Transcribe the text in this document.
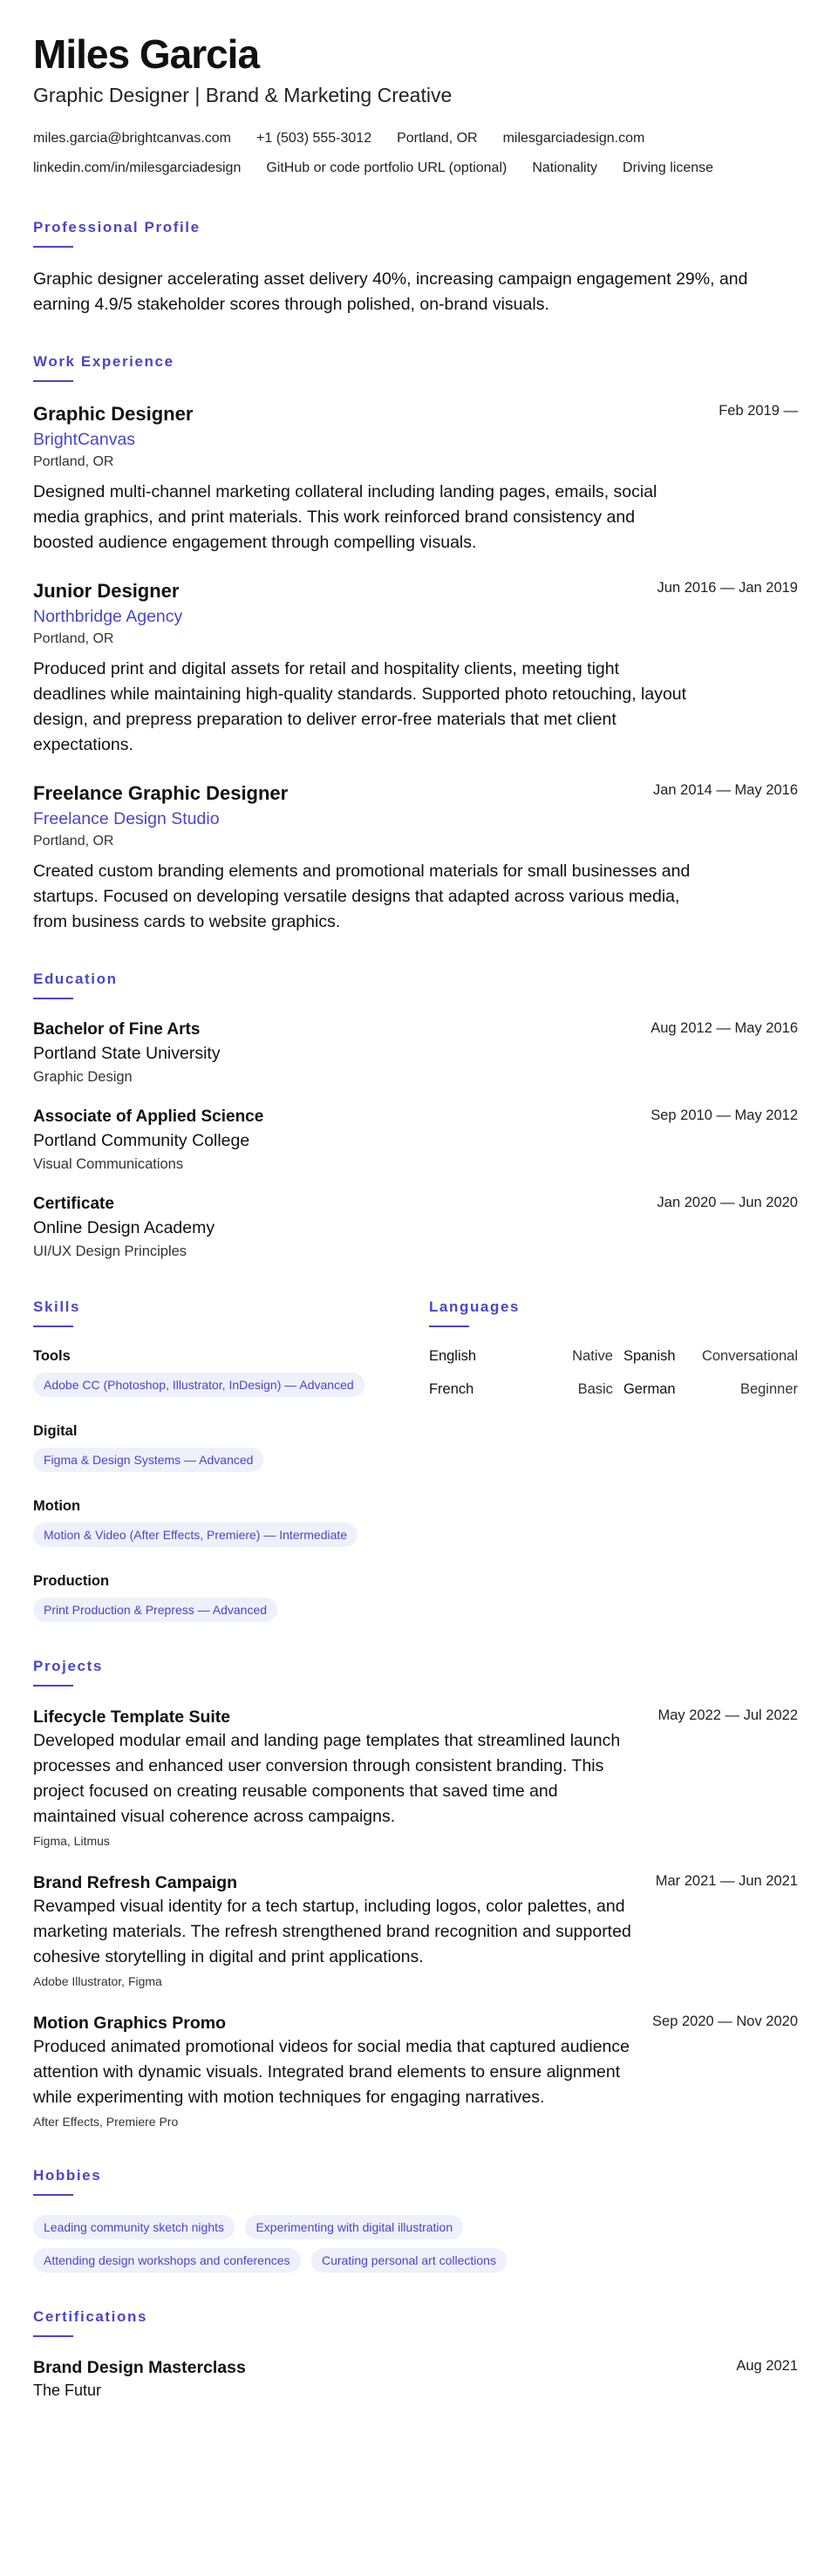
Miles Garcia
Graphic Designer | Brand & Marketing Creative
miles.garcia@brightcanvas.com +1 (503) 555-3012 Portland, OR milesgarciadesign.com
linkedin.com/in/milesgarciadesign GitHub or code portfolio URL (optional) Nationality Driving license
Professional Profile
Graphic designer accelerating asset delivery 40%, increasing campaign engagement 29%, and earning 4.9/5 stakeholder scores through polished, on-brand visuals.
Work Experience
Feb 2019 —
Graphic Designer
BrightCanvas
Portland, OR
Designed multi-channel marketing collateral including landing pages, emails, social media graphics, and print materials. This work reinforced brand consistency and boosted audience engagement through compelling visuals.
Jun 2016 — Jan 2019
Junior Designer
Northbridge Agency
Portland, OR
Produced print and digital assets for retail and hospitality clients, meeting tight deadlines while maintaining high-quality standards. Supported photo retouching, layout design, and prepress preparation to deliver error-free materials that met client expectations.
Jan 2014 — May 2016
Freelance Graphic Designer
Freelance Design Studio
Portland, OR
Created custom branding elements and promotional materials for small businesses and startups. Focused on developing versatile designs that adapted across various media, from business cards to website graphics.
Education
Aug 2012 — May 2016
Bachelor of Fine Arts
Portland State University
Graphic Design
Sep 2010 — May 2012
Associate of Applied Science
Portland Community College
Visual Communications
Jan 2020 — Jun 2020
Certificate
Online Design Academy
UI/UX Design Principles
Skills
Tools
Adobe CC (Photoshop, Illustrator, InDesign) — Advanced
Digital
Figma & Design Systems — Advanced
Motion
Motion & Video (After Effects, Premiere) — Intermediate
Production
Print Production & Prepress — Advanced
Languages
English	Native Spanish	Conversational
French	Basic German	Beginner
Projects
May 2022 — Jul 2022
Lifecycle Template Suite
Developed modular email and landing page templates that streamlined launch processes and enhanced user conversion through consistent branding. This project focused on creating reusable components that saved time and maintained visual coherence across campaigns.
Figma, Litmus
Mar 2021 — Jun 2021
Brand Refresh Campaign
Revamped visual identity for a tech startup, including logos, color palettes, and marketing materials. The refresh strengthened brand recognition and supported cohesive storytelling in digital and print applications.
Adobe Illustrator, Figma
Sep 2020 — Nov 2020
Motion Graphics Promo
Produced animated promotional videos for social media that captured audience attention with dynamic visuals. Integrated brand elements to ensure alignment while experimenting with motion techniques for engaging narratives.
After Effects, Premiere Pro
Hobbies
Leading community sketch nights	Experimenting with digital illustration
Attending design workshops and conferences	Curating personal art collections
Certifications
Aug 2021
Brand Design Masterclass
The Futur
